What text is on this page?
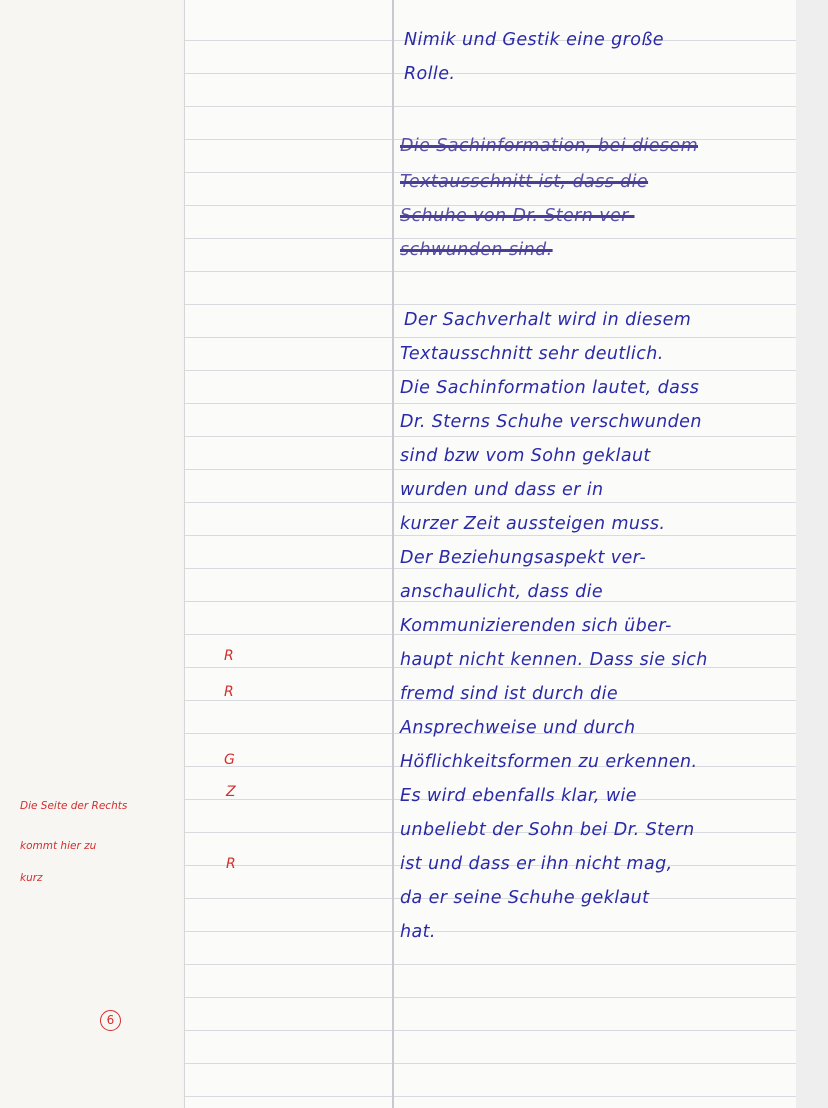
Nimik und Gestik eine große
Rolle.
Die Sachinformation, bei diesem
Textausschnitt ist, dass die
Schuhe von Dr. Stern ver-
schwunden sind.
Der Sachverhalt wird in diesem
Textausschnitt sehr deutlich.
Die Sachinformation lautet, dass
Dr. Sterns Schuhe verschwunden
sind bzw vom Sohn geklaut
wurden und dass er in
kurzer Zeit aussteigen muss.
Der Beziehungsaspekt ver-
anschaulicht, dass die
Kommunizierenden sich über-
haupt nicht kennen. Dass sie sich
fremd sind ist durch die
Ansprechweise und durch
Höflichkeitsformen zu erkennen.
Es wird ebenfalls klar, wie
unbeliebt der Sohn bei Dr. Stern
ist und dass er ihn nicht mag,
da er seine Schuhe geklaut
hat.
R
R
G
Z
R
Die Seite der Rechts
kommt hier zu
kurz
6
